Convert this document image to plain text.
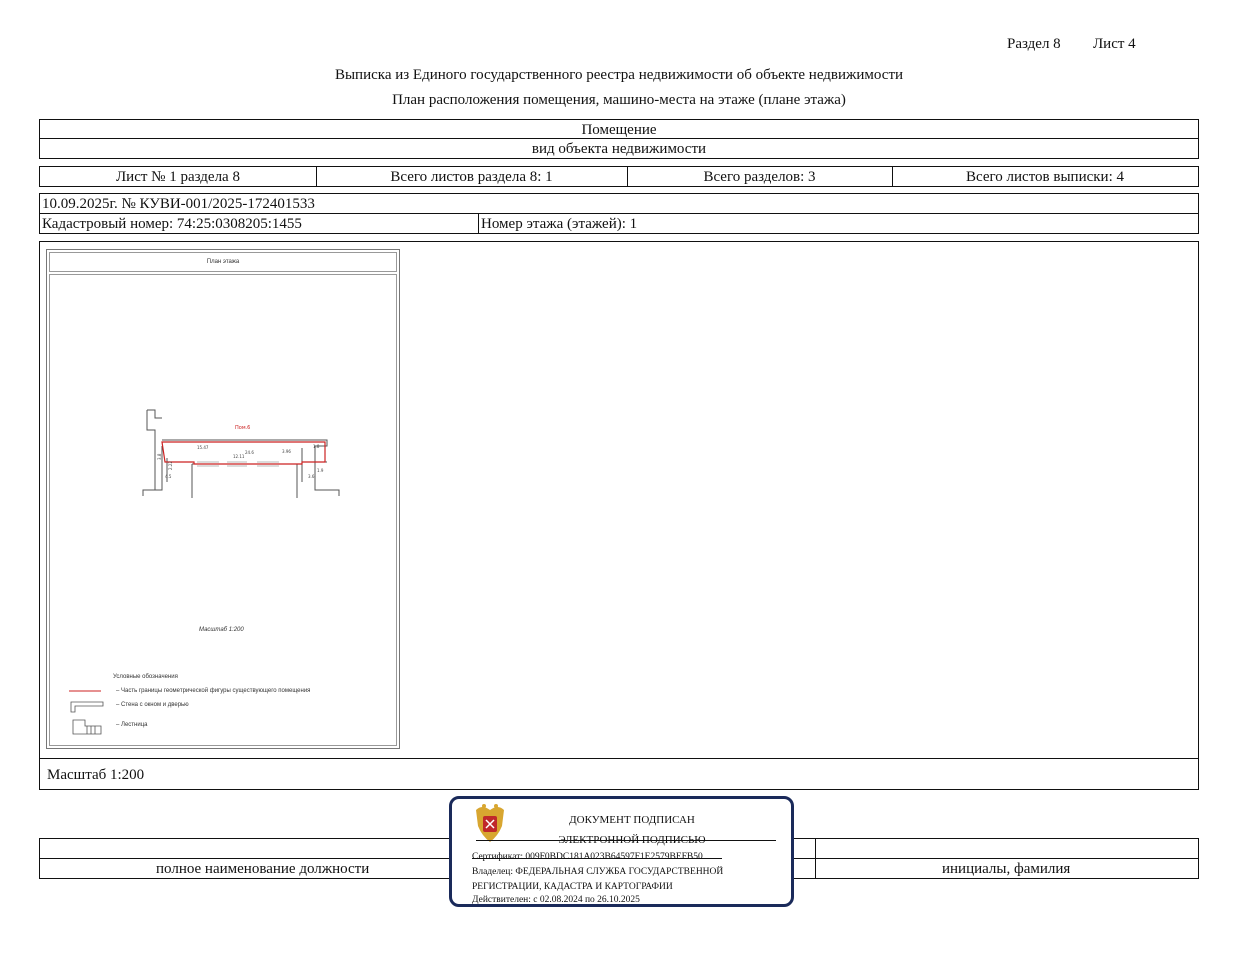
Раздел 8 Лист 4
Выписка из Единого государственного реестра недвижимости об объекте недвижимости
План расположения помещения, машино-места на этаже (плане этажа)
Помещение
вид объекта недвижимости
Лист № 1 раздела 8	Всего листов раздела 8: 1	Всего разделов: 3	Всего листов выписки: 4
10.09.2025г. № КУВИ-001/2025-172401533
Кадастровый номер: 74:25:0308205:1455	Номер этажа (этажей): 1
Масштаб 1:200
План этажа
15.47
12.11
24.6	3.96
1.8
2.22
3.8
4.5	3.6
1.9
Пом.6
Масштаб 1:200
Условные обозначения
– Часть границы геометрической фигуры существующего помещения
– Стена с окном и дверью
– Лестница
полное наименование должности	инициалы, фамилия
ДОКУМЕНТ ПОДПИСАН
ЭЛЕКТРОННОЙ ПОДПИСЬЮ
Сертификат: 009F0BDC181A023B64597F1E2579BEFB50
Владелец: ФЕДЕРАЛЬНАЯ СЛУЖБА ГОСУДАРСТВЕННОЙ
РЕГИСТРАЦИИ, КАДАСТРА И КАРТОГРАФИИ
Действителен: с 02.08.2024 по 26.10.2025
